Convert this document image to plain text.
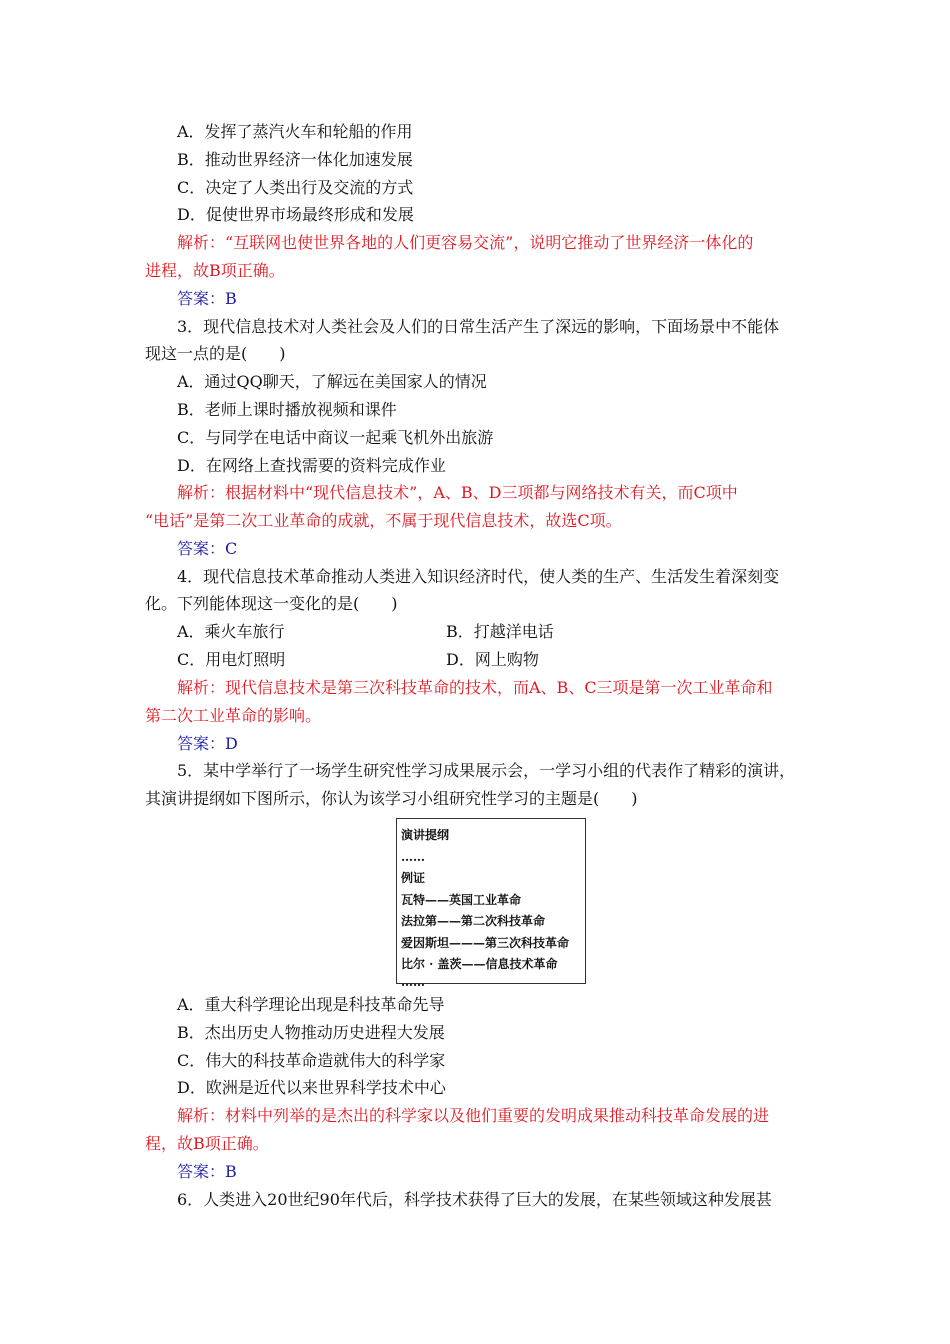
A．发挥了蒸汽火车和轮船的作用
B．推动世界经济一体化加速发展
C．决定了人类出行及交流的方式
D．促使世界市场最终形成和发展
解析：“互联网也使世界各地的人们更容易交流”，说明它推动了世界经济一体化的
进程，故B项正确。
答案：B
3．现代信息技术对人类社会及人们的日常生活产生了深远的影响，下面场景中不能体
现这一点的是(　　)
A．通过QQ聊天，了解远在美国家人的情况
B．老师上课时播放视频和课件
C．与同学在电话中商议一起乘飞机外出旅游
D．在网络上查找需要的资料完成作业
解析：根据材料中“现代信息技术”，A、B、D三项都与网络技术有关，而C项中
“电话”是第二次工业革命的成就，不属于现代信息技术，故选C项。
答案：C
4．现代信息技术革命推动人类进入知识经济时代，使人类的生产、生活发生着深刻变
化。下列能体现这一变化的是(　　)
A．乘火车旅行	B．打越洋电话
C．用电灯照明	D．网上购物
解析：现代信息技术是第三次科技革命的技术，而A、B、C三项是第一次工业革命和
第二次工业革命的影响。
答案：D
5．某中学举行了一场学生研究性学习成果展示会，一学习小组的代表作了精彩的演讲，
其演讲提纲如下图所示，你认为该学习小组研究性学习的主题是(　　)
演讲提纲
……
例证
瓦特——英国工业革命
法拉第——第二次科技革命
爱因斯坦———第三次科技革命
比尔 · 盖茨——信息技术革命
……
A．重大科学理论出现是科技革命先导
B．杰出历史人物推动历史进程大发展
C．伟大的科技革命造就伟大的科学家
D．欧洲是近代以来世界科学技术中心
解析：材料中列举的是杰出的科学家以及他们重要的发明成果推动科技革命发展的进
程，故B项正确。
答案：B
6．人类进入20世纪90年代后，科学技术获得了巨大的发展，在某些领域这种发展甚
